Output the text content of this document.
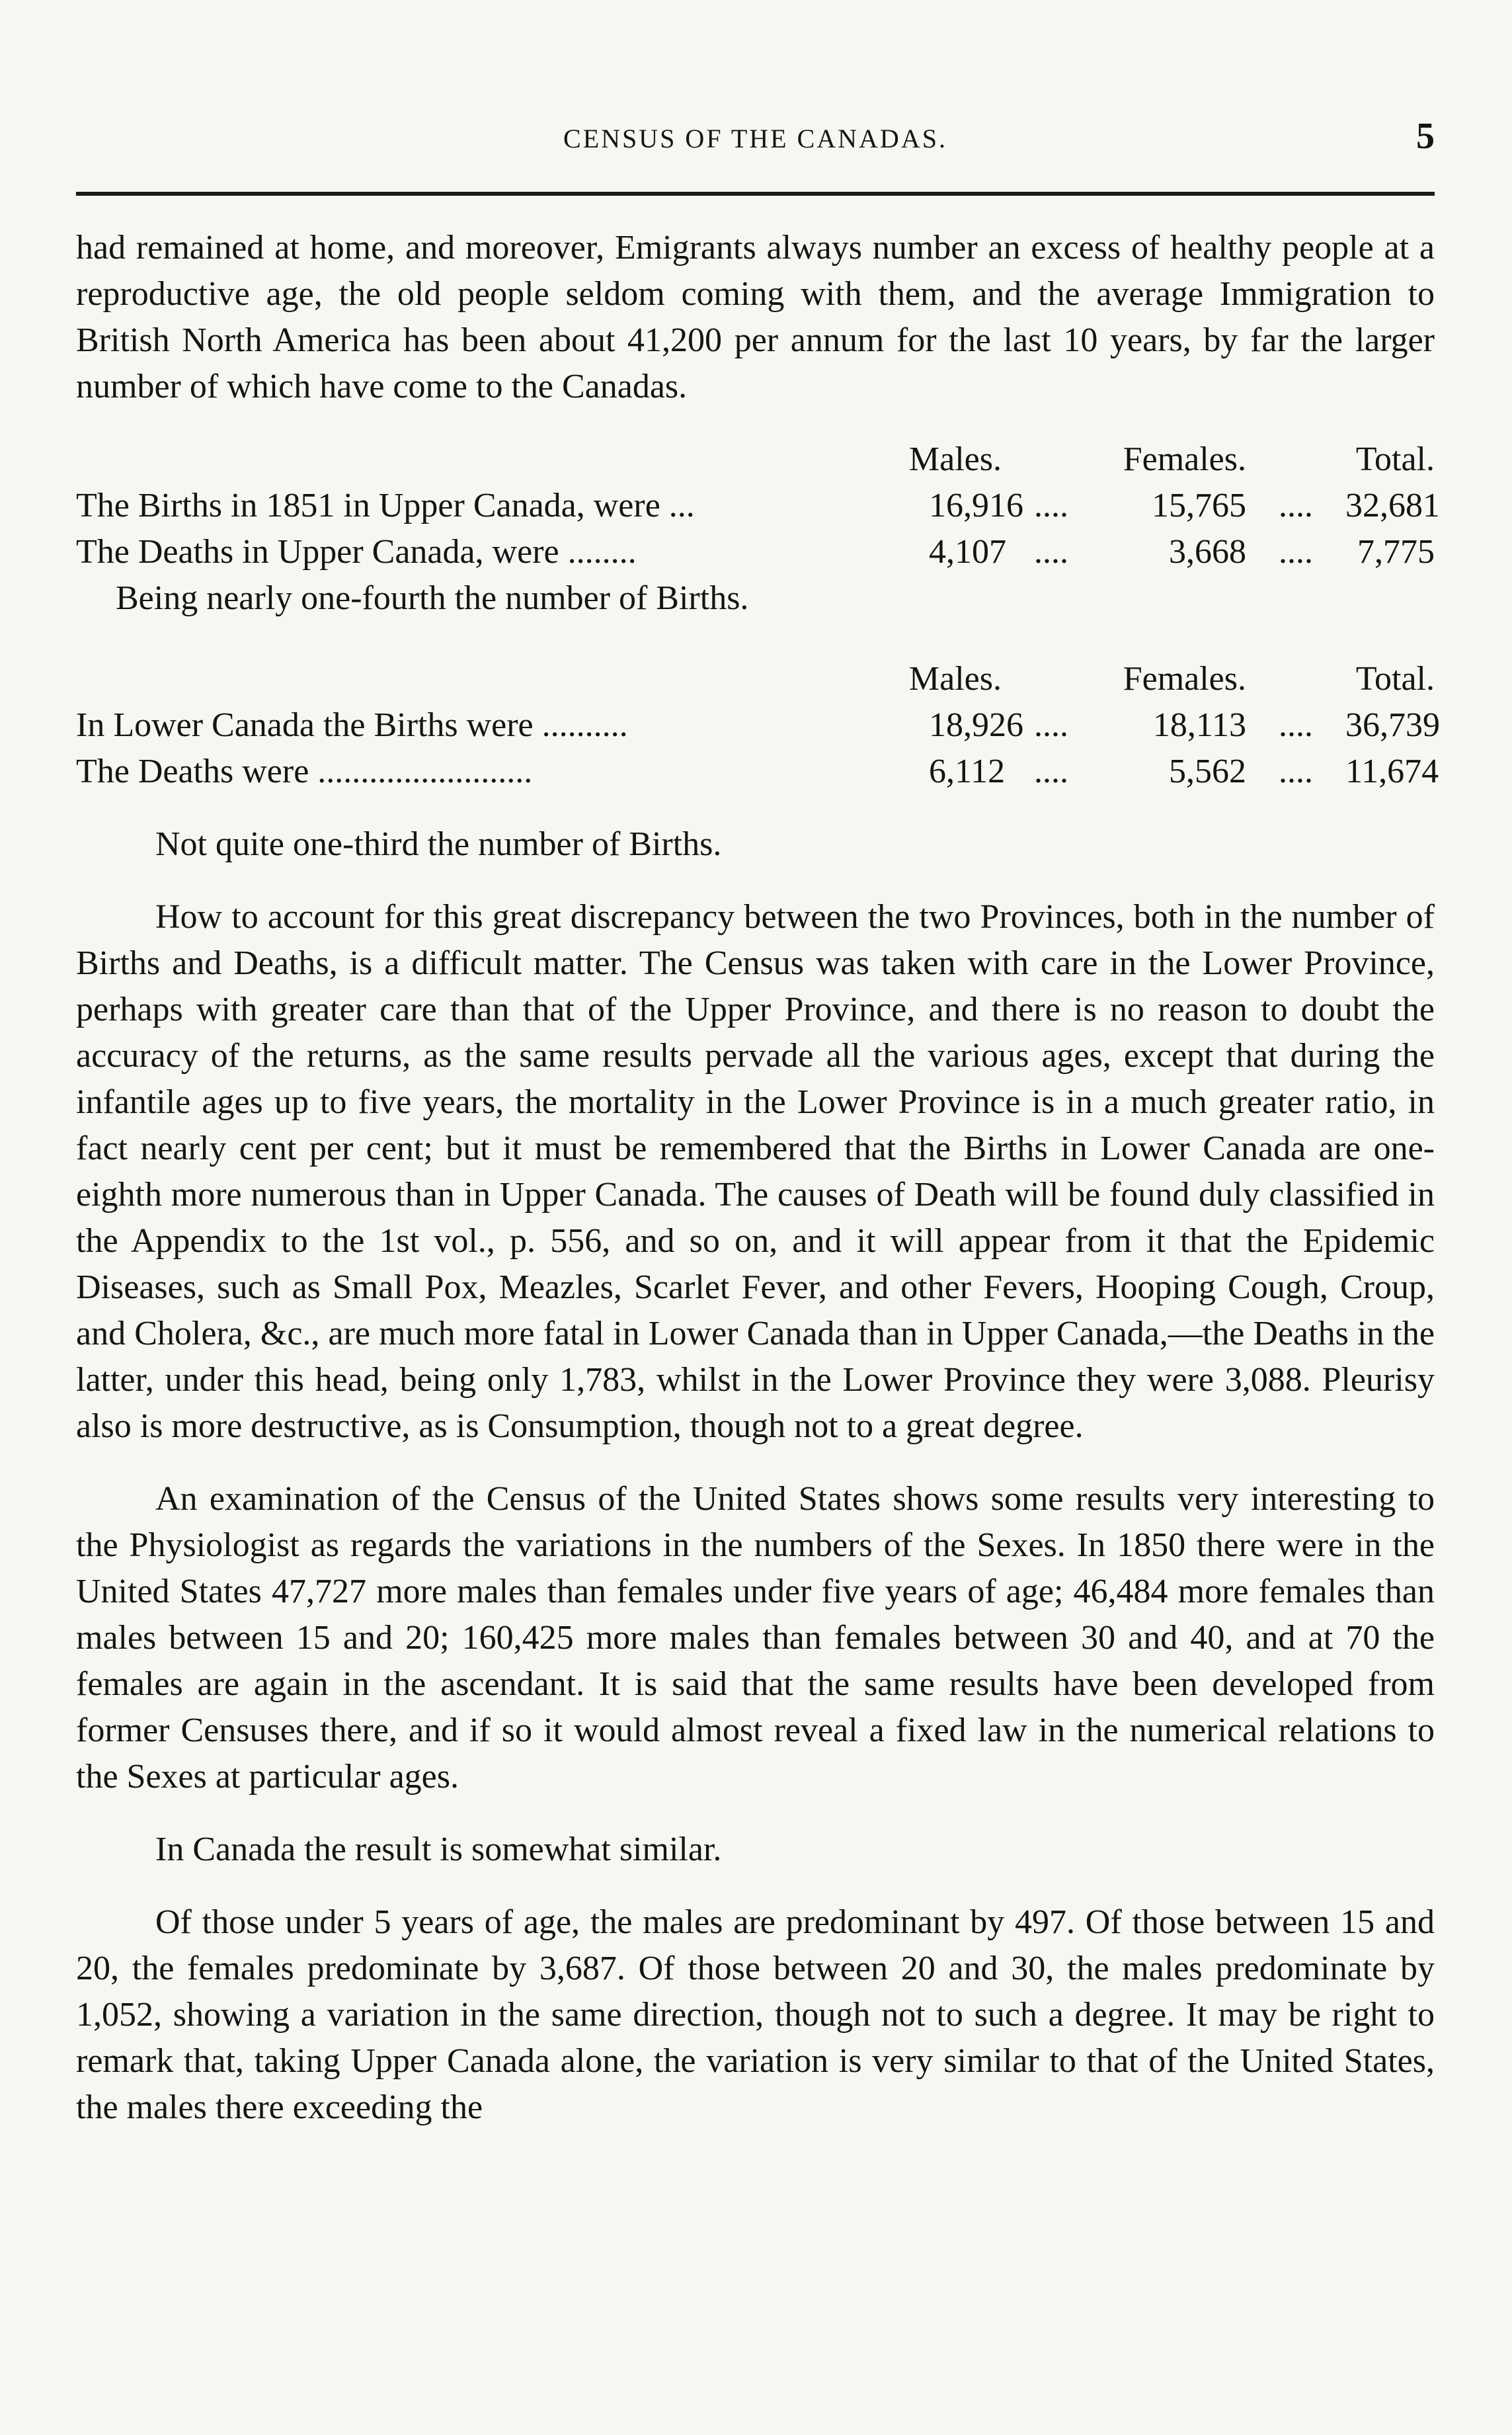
CENSUS OF THE CANADAS.	5

had remained at home, and moreover, Emigrants always number an excess of healthy people at a reproductive age, the old people seldom coming with them, and the average Immigration to British North America has been about 41,200 per annum for the last 10 years, by far the larger number of which have come to the Canadas.

Males.	Females.	Total.
The Births in 1851 in Upper Canada, were ...	16,916 ....	15,765 .... 32,681
The Deaths in Upper Canada, were ........	4,107 ....	3,668 ....	7,775
Being nearly one-fourth the number of Births.
Males.	Females.	Total.
In Lower Canada the Births were ..........	18,926 ....	18,113 .... 36,739
The Deaths were .........................	6,112 ....	5,562 .... 11,674

Not quite one-third the number of Births.

How to account for this great discrepancy between the two Provinces, both in the number of Births and Deaths, is a difficult matter. The Census was taken with care in the Lower Province, perhaps with greater care than that of the Upper Province, and there is no reason to doubt the accuracy of the returns, as the same results pervade all the various ages, except that during the infantile ages up to five years, the mortality in the Lower Province is in a much greater ratio, in fact nearly cent per cent; but it must be remembered that the Births in Lower Canada are one-eighth more numerous than in Upper Canada. The causes of Death will be found duly classified in the Appendix to the 1st vol., p. 556, and so on, and it will appear from it that the Epidemic Diseases, such as Small Pox, Meazles, Scarlet Fever, and other Fevers, Hooping Cough, Croup, and Cholera, &c., are much more fatal in Lower Canada than in Upper Canada,—the Deaths in the latter, under this head, being only 1,783, whilst in the Lower Province they were 3,088. Pleurisy also is more destructive, as is Consumption, though not to a great degree.

An examination of the Census of the United States shows some results very interesting to the Physiologist as regards the variations in the numbers of the Sexes. In 1850 there were in the United States 47,727 more males than females under five years of age; 46,484 more females than males between 15 and 20; 160,425 more males than females between 30 and 40, and at 70 the females are again in the ascendant. It is said that the same results have been developed from former Censuses there, and if so it would almost reveal a fixed law in the numerical relations to the Sexes at particular ages.

In Canada the result is somewhat similar.

Of those under 5 years of age, the males are predominant by 497. Of those between 15 and 20, the females predominate by 3,687. Of those between 20 and 30, the males predominate by 1,052, showing a variation in the same direction, though not to such a degree. It may be right to remark that, taking Upper Canada alone, the variation is very similar to that of the United States, the males there exceeding the
